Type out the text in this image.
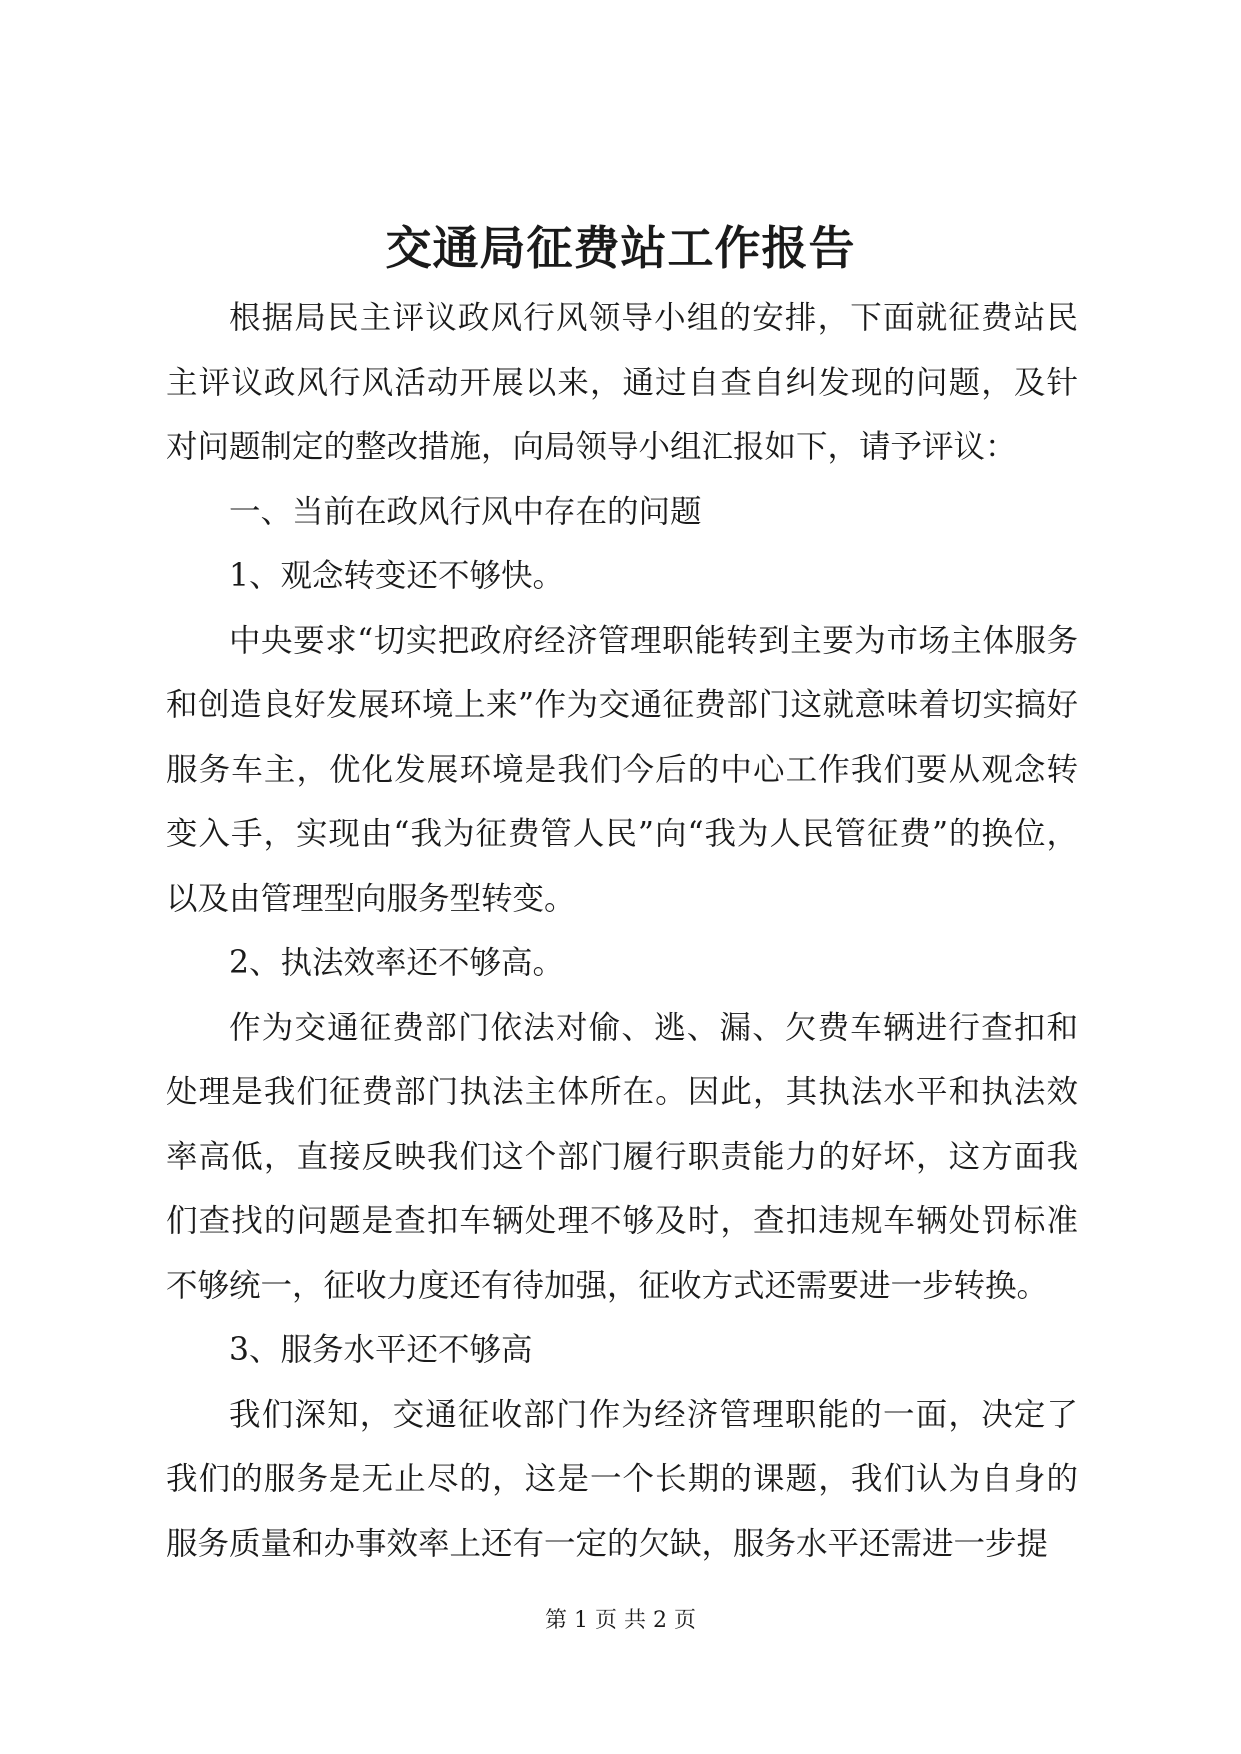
交通局征费站工作报告

根据局民主评议政风行风领导小组的安排，下面就征费站民主评议政风行风活动开展以来，通过自查自纠发现的问题，及针对问题制定的整改措施，向局领导小组汇报如下，请予评议：

一、当前在政风行风中存在的问题

1、观念转变还不够快。

中央要求“切实把政府经济管理职能转到主要为市场主体服务和创造良好发展环境上来”作为交通征费部门这就意味着切实搞好服务车主，优化发展环境是我们今后的中心工作我们要从观念转变入手，实现由“我为征费管人民”向“我为人民管征费”的换位，以及由管理型向服务型转变。

2、执法效率还不够高。

作为交通征费部门依法对偷、逃、漏、欠费车辆进行查扣和处理是我们征费部门执法主体所在。因此，其执法水平和执法效率高低，直接反映我们这个部门履行职责能力的好坏，这方面我们查找的问题是查扣车辆处理不够及时，查扣违规车辆处罚标准不够统一，征收力度还有待加强，征收方式还需要进一步转换。

3、服务水平还不够高

我们深知，交通征收部门作为经济管理职能的一面，决定了我们的服务是无止尽的，这是一个长期的课题，我们认为自身的服务质量和办事效率上还有一定的欠缺，服务水平还需进一步提

第 1 页 共 2 页
